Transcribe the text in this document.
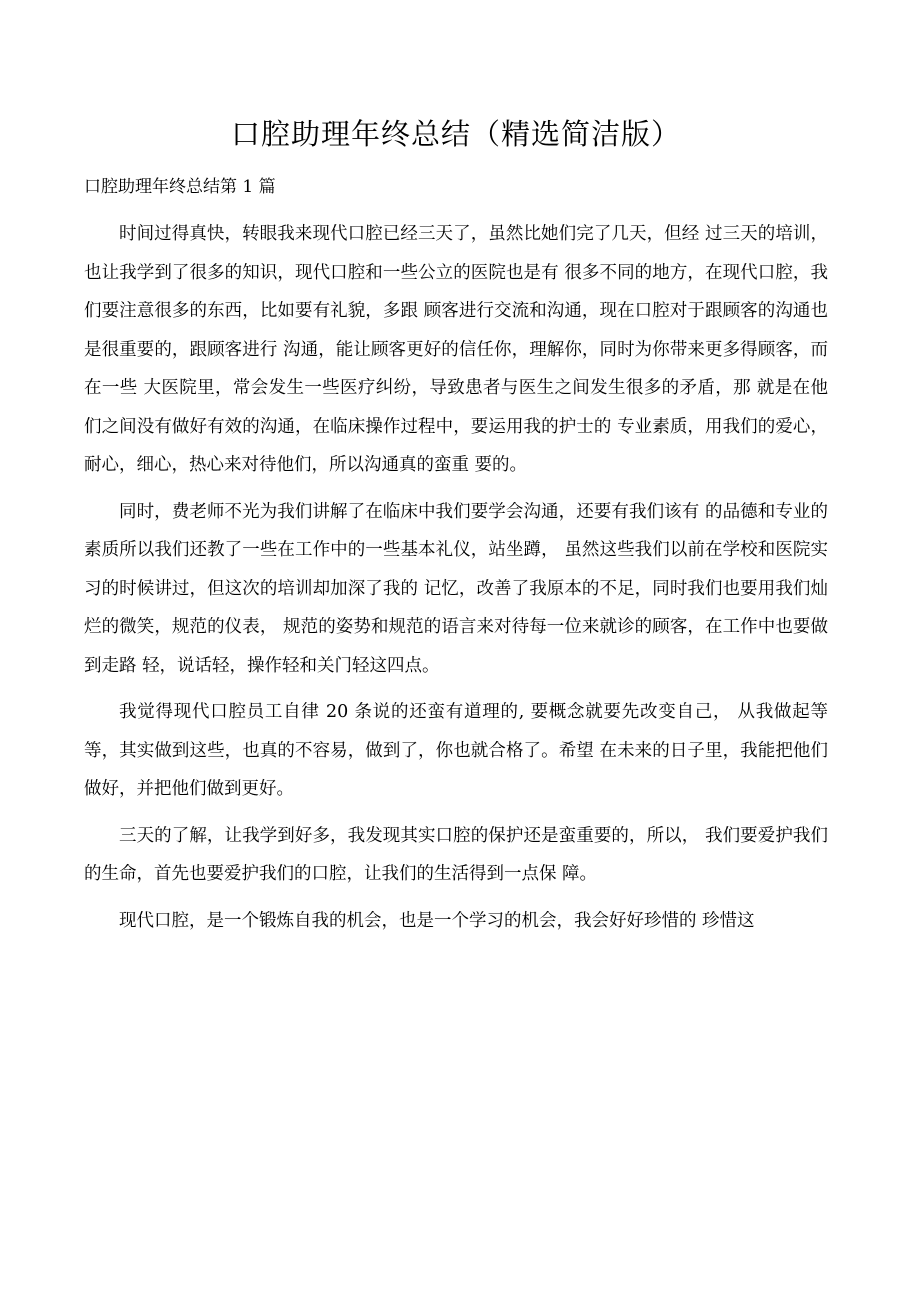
口腔助理年终总结（精选简洁版）

口腔助理年终总结第 1 篇

时间过得真快，转眼我来现代口腔已经三天了，虽然比她们完了几天，但经 过三天的培训，也让我学到了很多的知识，现代口腔和一些公立的医院也是有 很多不同的地方，在现代口腔，我们要注意很多的东西，比如要有礼貌，多跟 顾客进行交流和沟通，现在口腔对于跟顾客的沟通也是很重要的，跟顾客进行 沟通，能让顾客更好的信任你，理解你，同时为你带来更多得顾客，而在一些 大医院里，常会发生一些医疗纠纷，导致患者与医生之间发生很多的矛盾，那 就是在他们之间没有做好有效的沟通，在临床操作过程中，要运用我的护士的 专业素质，用我们的爱心，耐心，细心，热心来对待他们，所以沟通真的蛮重 要的。

同时，费老师不光为我们讲解了在临床中我们要学会沟通，还要有我们该有 的品德和专业的素质所以我们还教了一些在工作中的一些基本礼仪，站坐蹲， 虽然这些我们以前在学校和医院实习的时候讲过，但这次的培训却加深了我的 记忆，改善了我原本的不足，同时我们也要用我们灿烂的微笑，规范的仪表， 规范的姿势和规范的语言来对待每一位来就诊的顾客，在工作中也要做到走路 轻，说话轻，操作轻和关门轻这四点。

我觉得现代口腔员工自律 20 条说的还蛮有道理的, 要概念就要先改变自己， 从我做起等等，其实做到这些，也真的不容易，做到了，你也就合格了。希望 在未来的日子里，我能把他们做好，并把他们做到更好。

三天的了解，让我学到好多，我发现其实口腔的保护还是蛮重要的，所以， 我们要爱护我们的生命，首先也要爱护我们的口腔，让我们的生活得到一点保 障。

现代口腔，是一个锻炼自我的机会，也是一个学习的机会，我会好好珍惜的 珍惜这
